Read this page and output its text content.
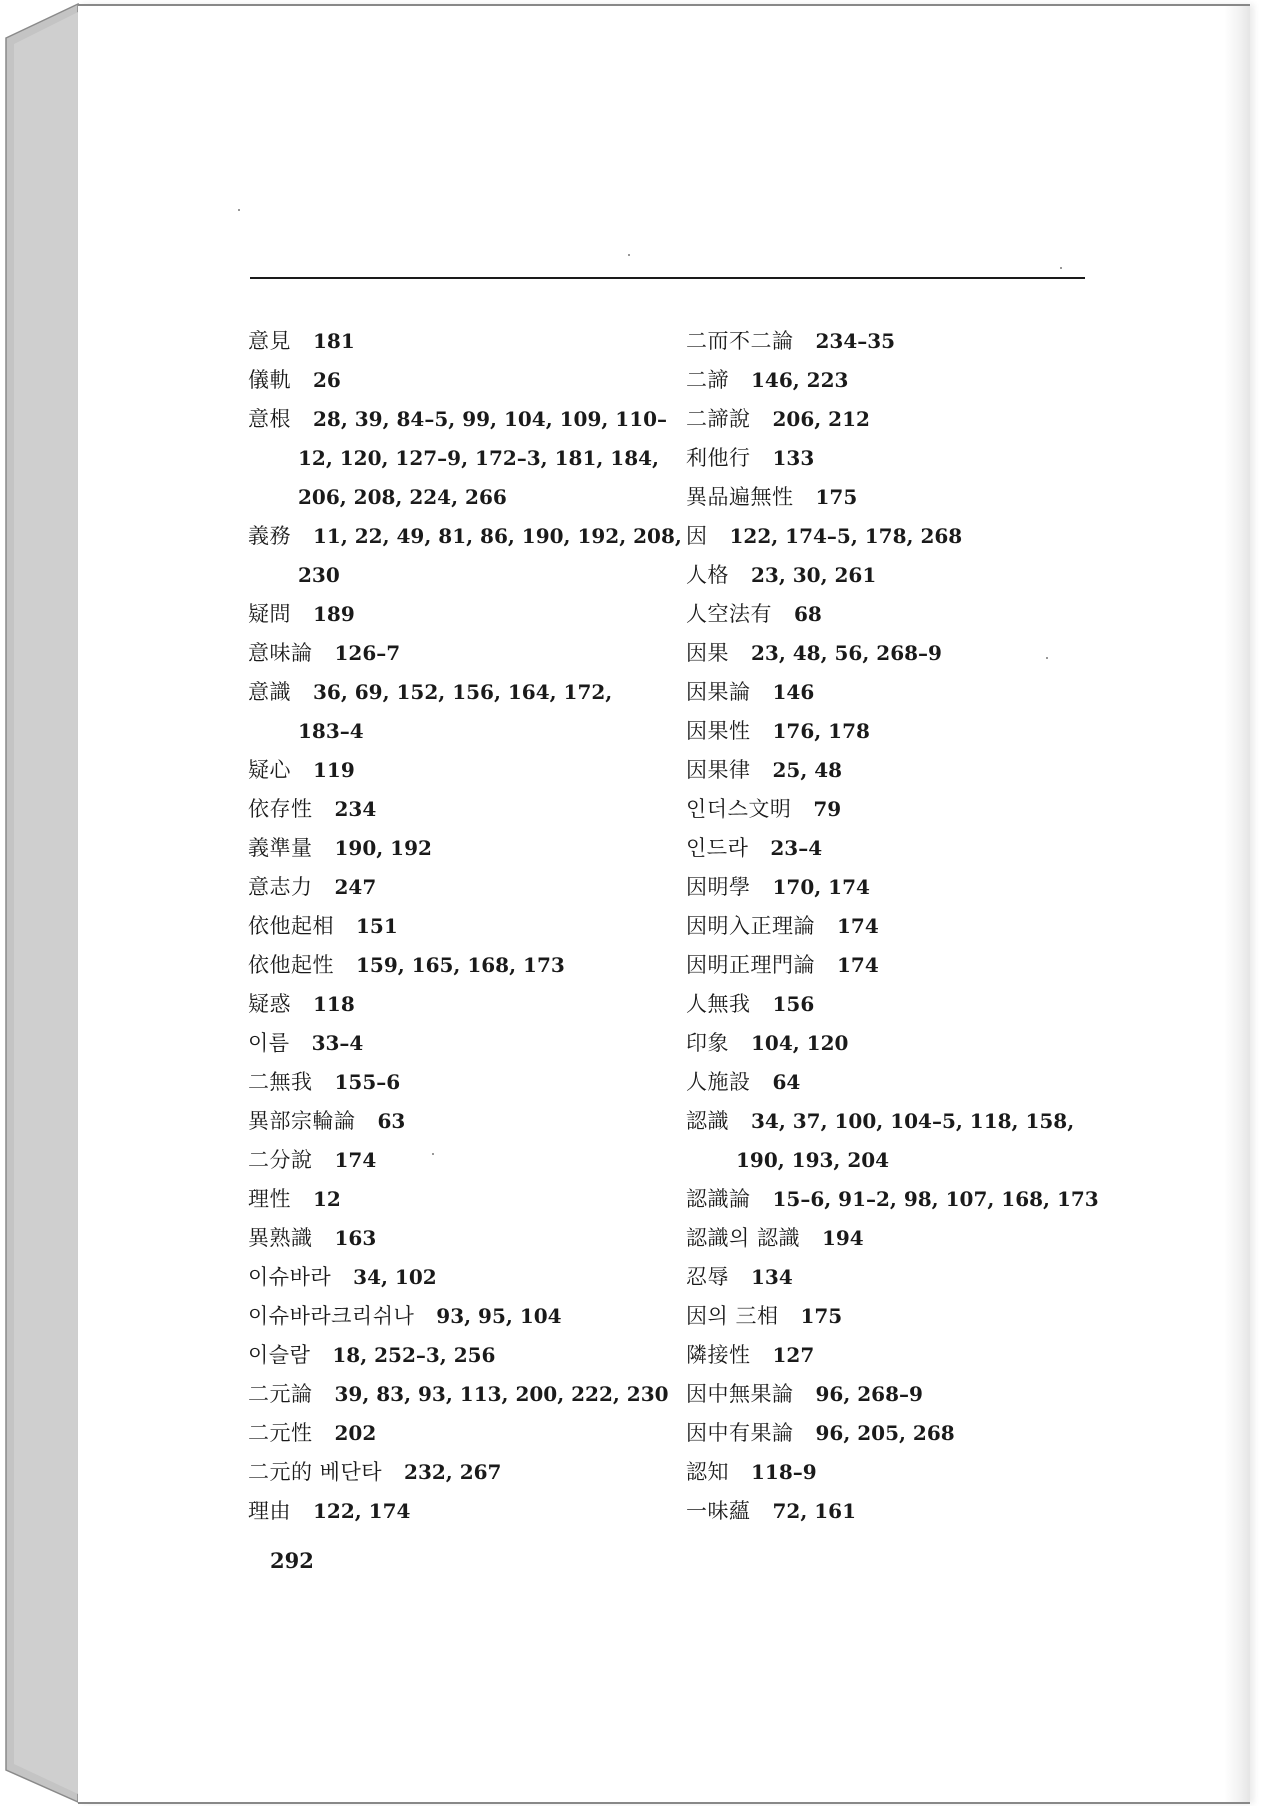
意見 181
儀軌 26
意根 28, 39, 84–5, 99, 104, 109, 110–
12, 120, 127–9, 172–3, 181, 184,
206, 208, 224, 266
義務 11, 22, 49, 81, 86, 190, 192, 208,
230
疑問 189
意味論 126–7
意識 36, 69, 152, 156, 164, 172,
183–4
疑心 119
依存性 234
義準量 190, 192
意志力 247
依他起相 151
依他起性 159, 165, 168, 173
疑惑 118
이름 33–4
二無我 155–6
異部宗輪論 63
二分說 174
理性 12
異熟識 163
이슈바라 34, 102
이슈바라크리쉬나 93, 95, 104
이슬람 18, 252–3, 256
二元論 39, 83, 93, 113, 200, 222, 230
二元性 202
二元的 베단타 232, 267
理由 122, 174
二而不二論 234–35
二諦 146, 223
二諦說 206, 212
利他行 133
異品遍無性 175
因 122, 174–5, 178, 268
人格 23, 30, 261
人空法有 68
因果 23, 48, 56, 268–9
因果論 146
因果性 176, 178
因果律 25, 48
인더스文明 79
인드라 23–4
因明學 170, 174
因明入正理論 174
因明正理門論 174
人無我 156
印象 104, 120
人施設 64
認識 34, 37, 100, 104–5, 118, 158,
190, 193, 204
認識論 15–6, 91–2, 98, 107, 168, 173
認識의 認識 194
忍辱 134
因의 三相 175
隣接性 127
因中無果論 96, 268–9
因中有果論 96, 205, 268
認知 118–9
一味蘊 72, 161
292
